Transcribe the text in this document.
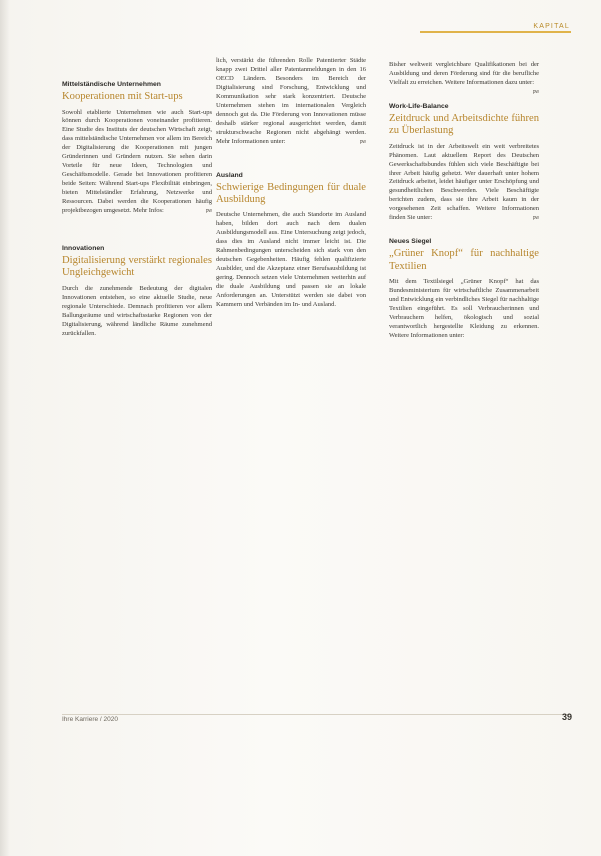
KAPITAL
Mittelständische Unternehmen
Kooperationen mit Start-ups

Sowohl etablierte Unternehmen wie auch Start-ups können durch Kooperationen voneinander profitieren. Eine Studie des Instituts der deutschen Wirtschaft zeigt, dass mittelständische Unternehmen vor allem im Bereich der Digitalisierung die Kooperationen mit jungen Gründerinnen und Gründern nutzen. Sie sehen darin Vorteile für neue Ideen, Technologien und Geschäftsmodelle. Gerade bei Innovationen profitieren beide Seiten: Während Start-ups Flexibilität einbringen, bieten Mittelständler Erfahrung, Netzwerke und Ressourcen. Dabei werden die Kooperationen häufig projektbezogen umgesetzt. Mehr Infos:	pw

Innovationen
Digitalisierung verstärkt regionales Ungleichgewicht

Durch die zunehmende Bedeutung der digitalen Innovationen entstehen, so eine aktuelle Studie, neue regionale Unterschiede. Demnach profitieren vor allem Ballungsräume und wirtschaftsstarke Regionen von der Digitalisierung, während ländliche Räume zunehmend zurückfallen.

lich, verstärkt die führenden Rolle Patentierter Städte knapp zwei Drittel aller Patentanmeldungen in den 16 OECD Ländern. Besonders im Bereich der Digitalisierung sind Forschung, Entwicklung und Kommunikation sehr stark konzentriert. Deutsche Unternehmen stehen im internationalen Vergleich dennoch gut da. Die Förderung von Innovationen müsse deshalb stärker regional ausgerichtet werden, damit strukturschwache Regionen nicht abgehängt werden. Mehr Informationen unter:	pw

Ausland
Schwierige Bedingungen für duale Ausbildung

Deutsche Unternehmen, die auch Standorte im Ausland haben, bilden dort auch nach dem dualen Ausbildungsmodell aus. Eine Untersuchung zeigt jedoch, dass dies im Ausland nicht immer leicht ist. Die Rahmenbedingungen unterscheiden sich stark von den deutschen Gegebenheiten. Häufig fehlen qualifizierte Ausbilder, und die Akzeptanz einer Berufsausbildung ist gering. Dennoch setzen viele Unternehmen weiterhin auf die duale Ausbildung und passen sie an lokale Anforderungen an. Unterstützt werden sie dabei von Kammern und Verbänden im In- und Ausland.

Bisher weltweit vergleichbare Qualifikationen bei der Ausbildung und deren Förderung sind für die berufliche Vielfalt zu erreichen. Weitere Informationen dazu unter:
pw

Work-Life-Balance
Zeitdruck und Arbeitsdichte führen zu Überlastung

Zeitdruck ist in der Arbeitswelt ein weit verbreitetes Phänomen. Laut aktuellem Report des Deutschen Gewerkschaftsbundes fühlen sich viele Beschäftigte bei ihrer Arbeit häufig gehetzt. Wer dauerhaft unter hohem Zeitdruck arbeitet, leidet häufiger unter Erschöpfung und gesundheitlichen Beschwerden. Viele Beschäftigte berichten zudem, dass sie ihre Arbeit kaum in der vorgesehenen Zeit schaffen. Weitere Informationen finden Sie unter:	pw

Neues Siegel
„Grüner Knopf“ für nachhaltige Textilien

Mit dem Textilsiegel „Grüner Knopf“ hat das Bundesministerium für wirtschaftliche Zusammenarbeit und Entwicklung ein verbindliches Siegel für nachhaltige Textilien eingeführt. Es soll Verbraucherinnen und Verbrauchern helfen, ökologisch und sozial verantwortlich hergestellte Kleidung zu erkennen. Weitere Informationen unter:

Ihre Karriere / 2020	39
